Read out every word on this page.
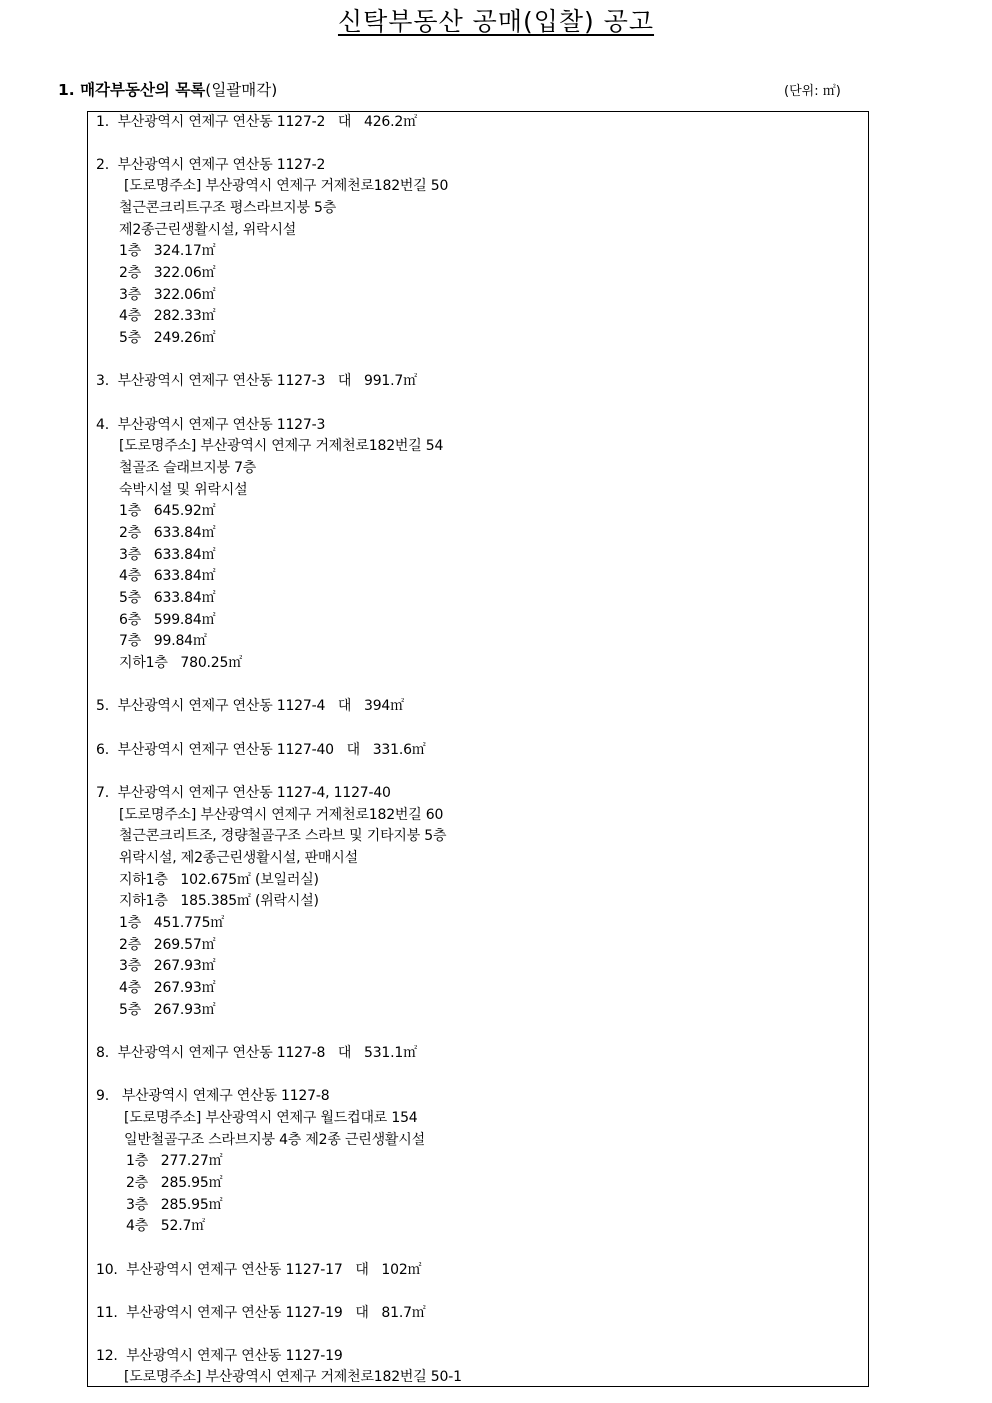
신탁부동산 공매(입찰) 공고
1. 매각부동산의 목록(일괄매각)	(단위: ㎡)
1.  부산광역시 연제구 연산동 1127-2   대   426.2㎡
2.  부산광역시 연제구 연산동 1127-2
[도로명주소] 부산광역시 연제구 거제천로182번길 50
철근콘크리트구조 평스라브지붕 5층
제2종근린생활시설, 위락시설
1층   324.17㎡
2층   322.06㎡
3층   322.06㎡
4층   282.33㎡
5층   249.26㎡
3.  부산광역시 연제구 연산동 1127-3   대   991.7㎡
4.  부산광역시 연제구 연산동 1127-3
[도로명주소] 부산광역시 연제구 거제천로182번길 54
철골조 슬래브지붕 7층
숙박시설 및 위락시설
1층   645.92㎡
2층   633.84㎡
3층   633.84㎡
4층   633.84㎡
5층   633.84㎡
6층   599.84㎡
7층   99.84㎡
지하1층   780.25㎡
5.  부산광역시 연제구 연산동 1127-4   대   394㎡
6.  부산광역시 연제구 연산동 1127-40   대   331.6㎡
7.  부산광역시 연제구 연산동 1127-4, 1127-40
[도로명주소] 부산광역시 연제구 거제천로182번길 60
철근콘크리트조, 경량철골구조 스라브 및 기타지붕 5층
위락시설, 제2종근린생활시설, 판매시설
지하1층   102.675㎡ (보일러실)
지하1층   185.385㎡ (위락시설)
1층   451.775㎡
2층   269.57㎡
3층   267.93㎡
4층   267.93㎡
5층   267.93㎡
8.  부산광역시 연제구 연산동 1127-8   대   531.1㎡
9.   부산광역시 연제구 연산동 1127-8
[도로명주소] 부산광역시 연제구 월드컵대로 154
일반철골구조 스라브지붕 4층 제2종 근린생활시설
1층   277.27㎡
2층   285.95㎡
3층   285.95㎡
4층   52.7㎡
10.  부산광역시 연제구 연산동 1127-17   대   102㎡
11.  부산광역시 연제구 연산동 1127-19   대   81.7㎡
12.  부산광역시 연제구 연산동 1127-19
[도로명주소] 부산광역시 연제구 거제천로182번길 50-1
